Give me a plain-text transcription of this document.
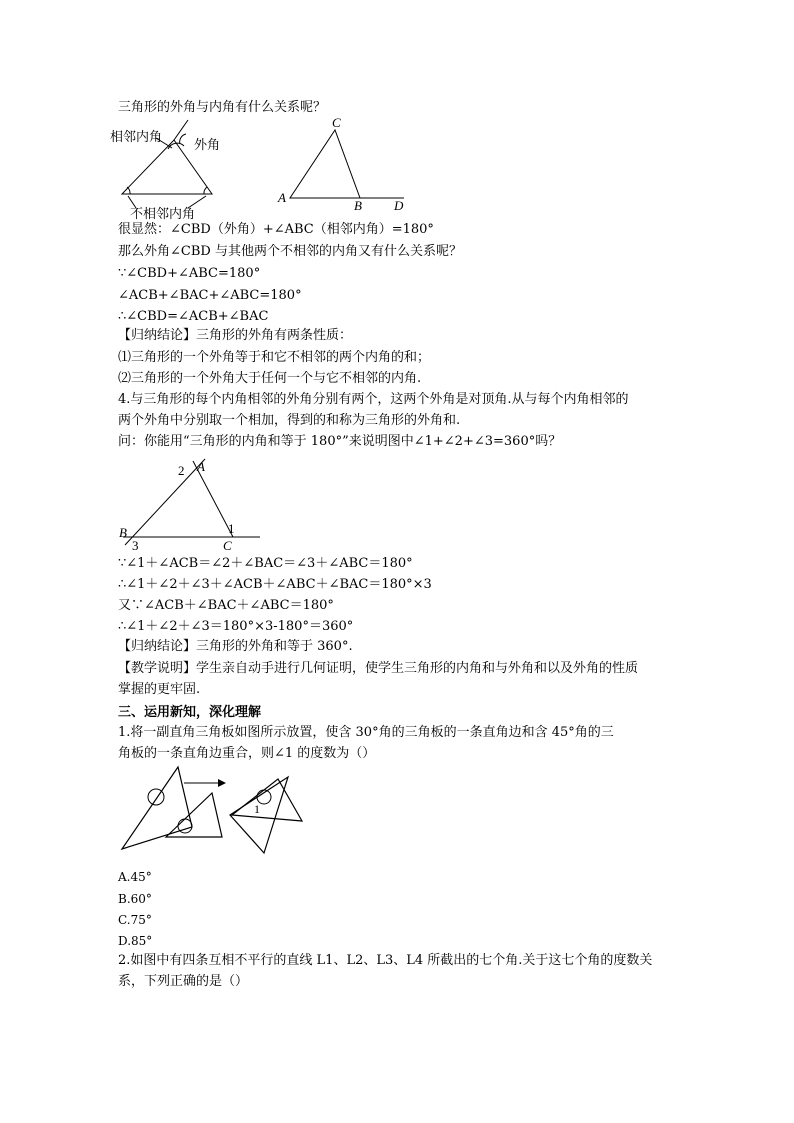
三角形的外角与内角有什么关系呢？
相邻内角
外角
不相邻内角
C
A
B D
很显然：∠CBD（外角）+∠ABC（相邻内角）=180°
那么外角∠CBD 与其他两个不相邻的内角又有什么关系呢？
∵∠CBD+∠ABC=180°
∠ACB+∠BAC+∠ABC=180°
∴∠CBD=∠ACB+∠BAC
【归纳结论】三角形的外角有两条性质：
⑴三角形的一个外角等于和它不相邻的两个内角的和；
⑵三角形的一个外角大于任何一个与它不相邻的内角.
4.与三角形的每个内角相邻的外角分别有两个，这两个外角是对顶角.从与每个内角相邻的
两个外角中分别取一个相加，得到的和称为三角形的外角和.
问：你能用“三角形的内角和等于 180°”来说明图中∠1+∠2+∠3=360°吗？
2 A
1
B
3	C
∵∠1＋∠ACB＝∠2＋∠BAC＝∠3＋∠ABC＝180°
∴∠1＋∠2＋∠3＋∠ACB＋∠ABC＋∠BAC＝180°×3
又∵∠ACB＋∠BAC＋∠ABC＝180°
∴∠1＋∠2＋∠3＝180°×3-180°＝360°
【归纳结论】三角形的外角和等于 360°.
【教学说明】学生亲自动手进行几何证明，使学生三角形的内角和与外角和以及外角的性质
掌握的更牢固.
三、运用新知，深化理解
1.将一副直角三角板如图所示放置，使含 30°角的三角板的一条直角边和含 45°角的三
角板的一条直角边重合，则∠1 的度数为（）
1
A.45°
B.60°
C.75°
D.85°
2.如图中有四条互相不平行的直线 L1、L2、L3、L4 所截出的七个角.关于这七个角的度数关
系，下列正确的是（）
